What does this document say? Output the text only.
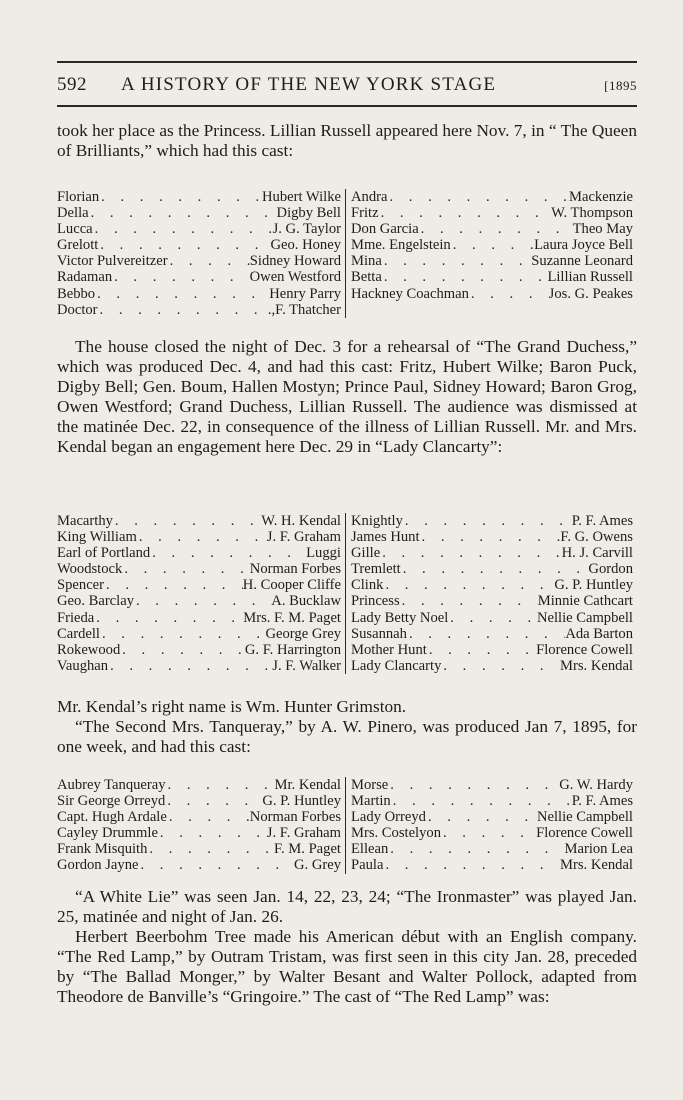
592	A HISTORY OF THE NEW YORK STAGE	[1895

took her place as the Princess. Lillian Russell appeared here Nov. 7, in “ The Queen of Brilliants,” which had this cast:

Florian . . .	Hubert Wilke
Della . . .	Digby Bell
Lucca . . .	J. G. Taylor
Grelott . . .	Geo. Honey
Victor Pulvereitzer . . .	Sidney Howard
Radaman . . .	Owen Westford
Bebbo . . .	Henry Parry
Doctor . . .	.,F. Thatcher
Andra . . .	Mackenzie
Fritz . . .	W. Thompson
Don Garcia . . .	Theo May
Mme. Engelstein . . .	Laura Joyce Bell
Mina . . .	Suzanne Leonard
Betta . . .	Lillian Russell
Hackney Coachman . . .	Jos. G. Peakes

The house closed the night of Dec. 3 for a rehearsal of “The Grand Duchess,” which was produced Dec. 4, and had this cast: Fritz, Hubert Wilke; Baron Puck, Digby Bell; Gen. Boum, Hallen Mostyn; Prince Paul, Sidney Howard; Baron Grog, Owen Westford; Grand Duchess, Lillian Russell. The audience was dismissed at the matinée Dec. 22, in consequence of the illness of Lillian Russell. Mr. and Mrs. Kendal began an engagement here Dec. 29 in “Lady Clancarty”:

Macarthy . . .	W. H. Kendal
King William . . .	J. F. Graham
Earl of Portland . . .	Luggi
Woodstock . . .	Norman Forbes
Spencer . . .	H. Cooper Cliffe
Geo. Barclay . . .	A. Bucklaw
Frieda . . .	Mrs. F. M. Paget
Cardell . . .	George Grey
Rokewood . . .	G. F. Harrington
Vaughan . . .	J. F. Walker
Knightly . . .	P. F. Ames
James Hunt . . .	F. G. Owens
Gille . . .	H. J. Carvill
Tremlett . . .	Gordon
Clink . . .	G. P. Huntley
Princess . . .	Minnie Cathcart
Lady Betty Noel . . .	Nellie Campbell
Susannah . . .	Ada Barton
Mother Hunt . . .	Florence Cowell
Lady Clancarty . . .	Mrs. Kendal

Mr. Kendal’s right name is Wm. Hunter Grimston.

“The Second Mrs. Tanqueray,” by A. W. Pinero, was produced Jan 7, 1895, for one week, and had this cast:

Aubrey Tanqueray . . .	Mr. Kendal
Sir George Orreyd . . .	G. P. Huntley
Capt. Hugh Ardale . . .	Norman Forbes
Cayley Drummle . . .	J. F. Graham
Frank Misquith . . .	F. M. Paget
Gordon Jayne . . .	G. Grey
Morse . . .	G. W. Hardy
Martin . . .	P. F. Ames
Lady Orreyd . . .	Nellie Campbell
Mrs. Costelyon . . .	Florence Cowell
Ellean . . .	Marion Lea
Paula . . .	Mrs. Kendal

“A White Lie” was seen Jan. 14, 22, 23, 24; “The Ironmaster” was played Jan. 25, matinée and night of Jan. 26.

Herbert Beerbohm Tree made his American début with an English company. “The Red Lamp,” by Outram Tristam, was first seen in this city Jan. 28, preceded by “The Ballad Monger,” by Walter Besant and Walter Pollock, adapted from Theodore de Banville’s “Gringoire.” The cast of “The Red Lamp” was:
